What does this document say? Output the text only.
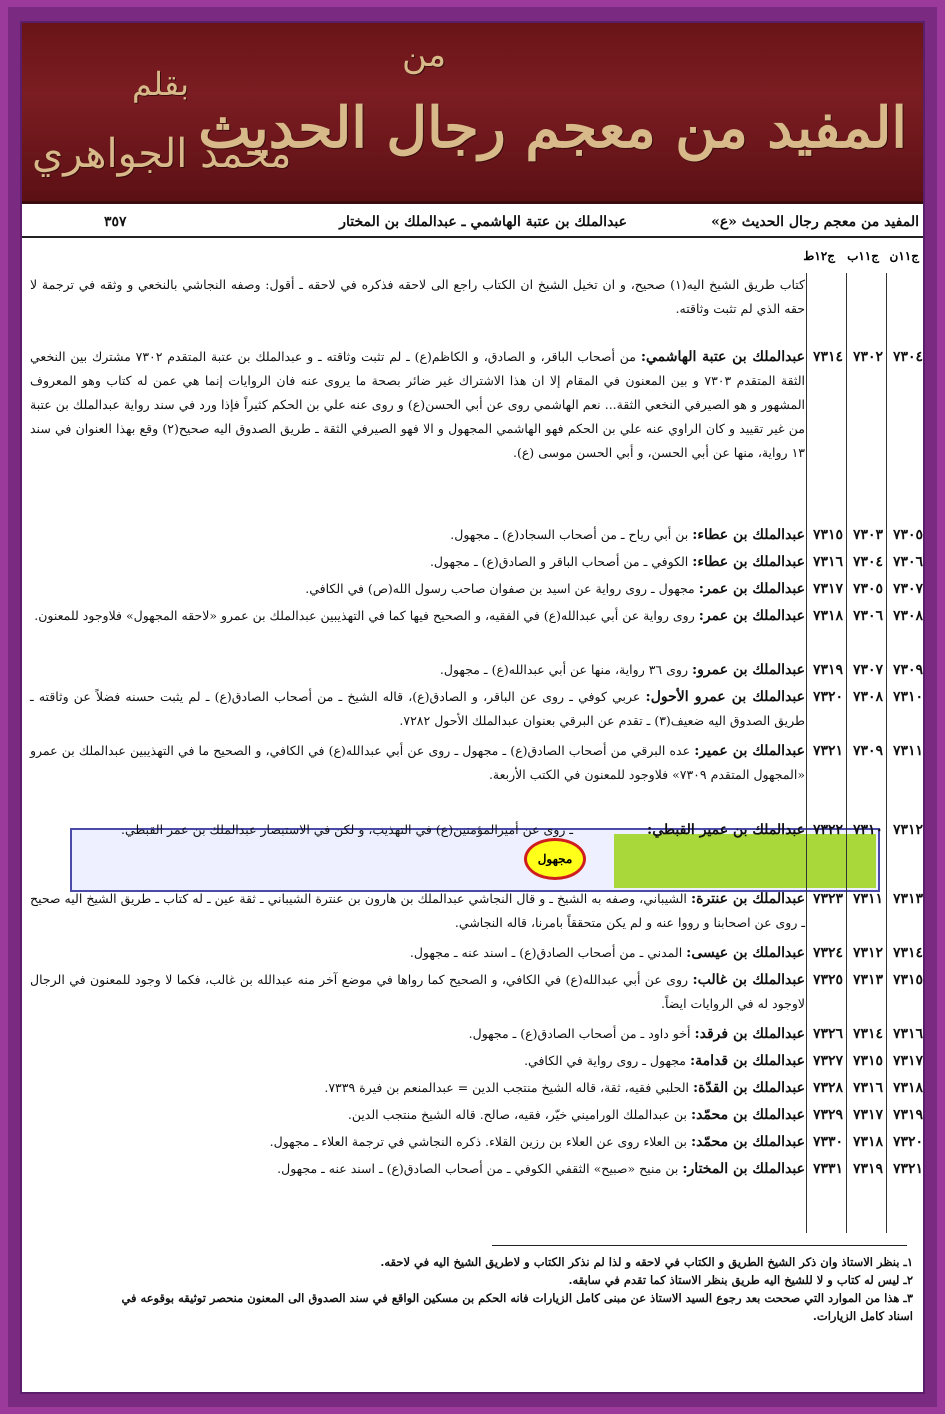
من
المفيد من معجم رجال الحديث
بقلم
محمد الجواهري
المفيد من معجم رجال الحديث «ع»
عبدالملك بن عتبة الهاشمي ـ عبدالملك بن المختار
٣٥٧
ج١١ن
ج١١ب
ج١٢ط
كتاب طريق الشيخ اليه(١) صحيح، و ان تخيل الشيخ ان الكتاب راجع الى لاحقه فذكره في لاحقه ـ أقول: وصفه النجاشي بالنخعي و وثقه في ترجمة لا حقه الذي لم تثبت وثاقته.
٧٣٠٤
٧٣٠٢
٧٣١٤
عبدالملك بن عتبة الهاشمي: من أصحاب الباقر، و الصادق، و الكاظم(ع) ـ لم تثبت وثاقته ـ و عبدالملك بن عتبة المتقدم ٧٣٠٢ مشترك بين النخعي الثقة المتقدم ٧٣٠٣ و بين المعنون في المقام إلا ان هذا الاشتراك غير ضائر بصحة ما يروى عنه فان الروايات إنما هي عمن له كتاب وهو المعروف المشهور و هو الصيرفي النخعي الثقة... نعم الهاشمي روى عن أبي الحسن(ع) و روى عنه علي بن الحكم كثيراً فإذا ورد في سند رواية عبدالملك بن عتبة من غير تقييد و كان الراوي عنه علي بن الحكم فهو الهاشمي المجهول و الا فهو الصيرفي الثقة ـ طريق الصدوق اليه صحيح(٢) وقع بهذا العنوان في سند ١٣ رواية، منها عن أبي الحسن، و أبي الحسن موسى (ع).
٧٣٠٥
٧٣٠٣
٧٣١٥
عبدالملك بن عطاء: بن أبي رياح ـ من أصحاب السجاد(ع) ـ مجهول.
٧٣٠٦
٧٣٠٤
٧٣١٦
عبدالملك بن عطاء: الكوفي ـ من أصحاب الباقر و الصادق(ع) ـ مجهول.
٧٣٠٧
٧٣٠٥
٧٣١٧
عبدالملك بن عمر: مجهول ـ روى رواية عن اسيد بن صفوان صاحب رسول الله(ص) في الكافي.
٧٣٠٨
٧٣٠٦
٧٣١٨
عبدالملك بن عمر: روى رواية عن أبي عبدالله(ع) في الفقيه، و الصحيح فيها كما في التهذيبين عبدالملك بن عمرو «لاحقه المجهول» فلاوجود للمعنون.
٧٣٠٩
٧٣٠٧
٧٣١٩
عبدالملك بن عمرو: روى ٣٦ رواية، منها عن أبي عبدالله(ع) ـ مجهول.
٧٣١٠
٧٣٠٨
٧٣٢٠
عبدالملك بن عمرو الأحول: عربي كوفي ـ روى عن الباقر، و الصادق(ع)، قاله الشيخ ـ من أصحاب الصادق(ع) ـ لم يثبت حسنه فضلاً عن وثاقته ـ طريق الصدوق اليه ضعيف(٣) ـ تقدم عن البرقي بعنوان عبدالملك الأحول ٧٢٨٢.
٧٣١١
٧٣٠٩
٧٣٢١
عبدالملك بن عمير: عده البرقي من أصحاب الصادق(ع) ـ مجهول ـ روى عن أبي عبدالله(ع) في الكافي، و الصحيح ما في التهذيبين عبدالملك بن عمرو «المجهول المتقدم ٧٣٠٩» فلاوجود للمعنون في الكتب الأربعة.
٧٣١٢
٧٣١٠
٧٣٢٢
عبدالملك بن عمير القبطي: ـ روى عن أميرالمؤمنين(ع) في التهذيب، و لكن في الاستبصار عبدالملك بن عمر القبطي.
٧٣١٣
٧٣١١
٧٣٢٣
عبدالملك بن عنترة: الشيباني، وصفه به الشيخ ـ و قال النجاشي عبدالملك بن هارون بن عنترة الشيباني ـ ثقة عين ـ له كتاب ـ طريق الشيخ اليه صحيح ـ روى عن اصحابنا و رووا عنه و لم يكن متحققاً بامرنا، قاله النجاشي.
٧٣١٤
٧٣١٢
٧٣٢٤
عبدالملك بن عيسى: المدني ـ من أصحاب الصادق(ع) ـ اسند عنه ـ مجهول.
٧٣١٥
٧٣١٣
٧٣٢٥
عبدالملك بن غالب: روى عن أبي عبدالله(ع) في الكافي، و الصحيح كما رواها في موضع آخر منه عبدالله بن غالب، فكما لا وجود للمعنون في الرجال لاوجود له في الروايات ايضاً.
٧٣١٦
٧٣١٤
٧٣٢٦
عبدالملك بن فرقد: أخو داود ـ من أصحاب الصادق(ع) ـ مجهول.
٧٣١٧
٧٣١٥
٧٣٢٧
عبدالملك بن قدامة: مجهول ـ روى رواية في الكافي.
٧٣١٨
٧٣١٦
٧٣٢٨
عبدالملك بن القدّة: الحلبي فقيه، ثقة، قاله الشيخ منتجب الدين = عبدالمنعم بن فيرة ٧٣٣٩.
٧٣١٩
٧٣١٧
٧٣٢٩
عبدالملك بن محمّد: بن عبدالملك الوراميني خيّر، فقيه، صالح. قاله الشيخ منتجب الدين.
٧٣٢٠
٧٣١٨
٧٣٣٠
عبدالملك بن محمّد: بن العلاء روى عن العلاء بن رزين القلاء. ذكره النجاشي في ترجمة العلاء ـ مجهول.
٧٣٢١
٧٣١٩
٧٣٣١
عبدالملك بن المختار: بن منيح «صبيح» الثقفي الكوفي ـ من أصحاب الصادق(ع) ـ اسند عنه ـ مجهول.
مجهول
١ـ بنظر الاستاذ وان ذكر الشيخ الطريق و الكتاب في لاحقه و لذا لم نذكر الكتاب و لاطريق الشيخ اليه في لاحقه.
٢ـ ليس له كتاب و لا للشيخ اليه طريق بنظر الاستاذ كما تقدم في سابقه.
٣ـ هذا من الموارد التي صححت بعد رجوع السيد الاستاذ عن مبنى كامل الزيارات فانه الحكم بن مسكين الواقع في سند الصدوق الى المعنون منحصر توثيقه بوقوعه في اسناد كامل الزيارات.
